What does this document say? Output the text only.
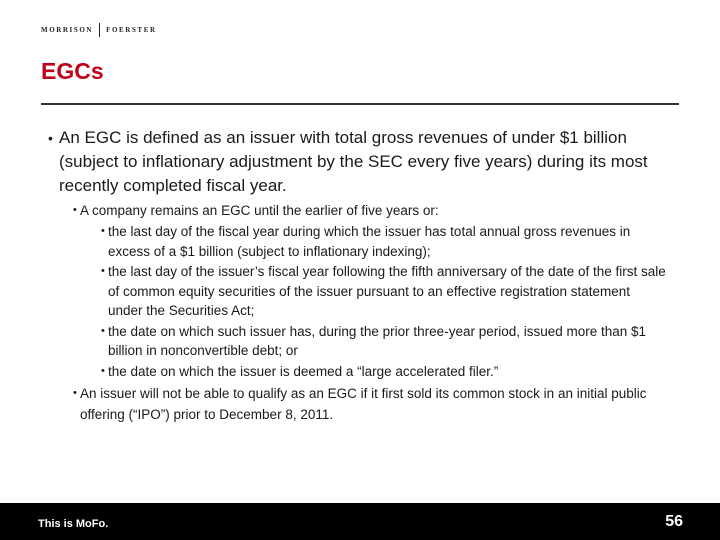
MORRISON FOERSTER
EGCs
• An EGC is defined as an issuer with total gross revenues of under $1 billion (subject to inflationary adjustment by the SEC every five years) during its most recently completed fiscal year.
• A company remains an EGC until the earlier of five years or:
• the last day of the fiscal year during which the issuer has total annual gross revenues in excess of a $1 billion (subject to inflationary indexing);
• the last day of the issuer’s fiscal year following the fifth anniversary of the date of the first sale of common equity securities of the issuer pursuant to an effective registration statement under the Securities Act;
• the date on which such issuer has, during the prior three-year period, issued more than $1 billion in nonconvertible debt; or
• the date on which the issuer is deemed a “large accelerated filer.”
• An issuer will not be able to qualify as an EGC if it first sold its common stock in an initial public offering (“IPO”) prior to December 8, 2011.
This is MoFo.	56
